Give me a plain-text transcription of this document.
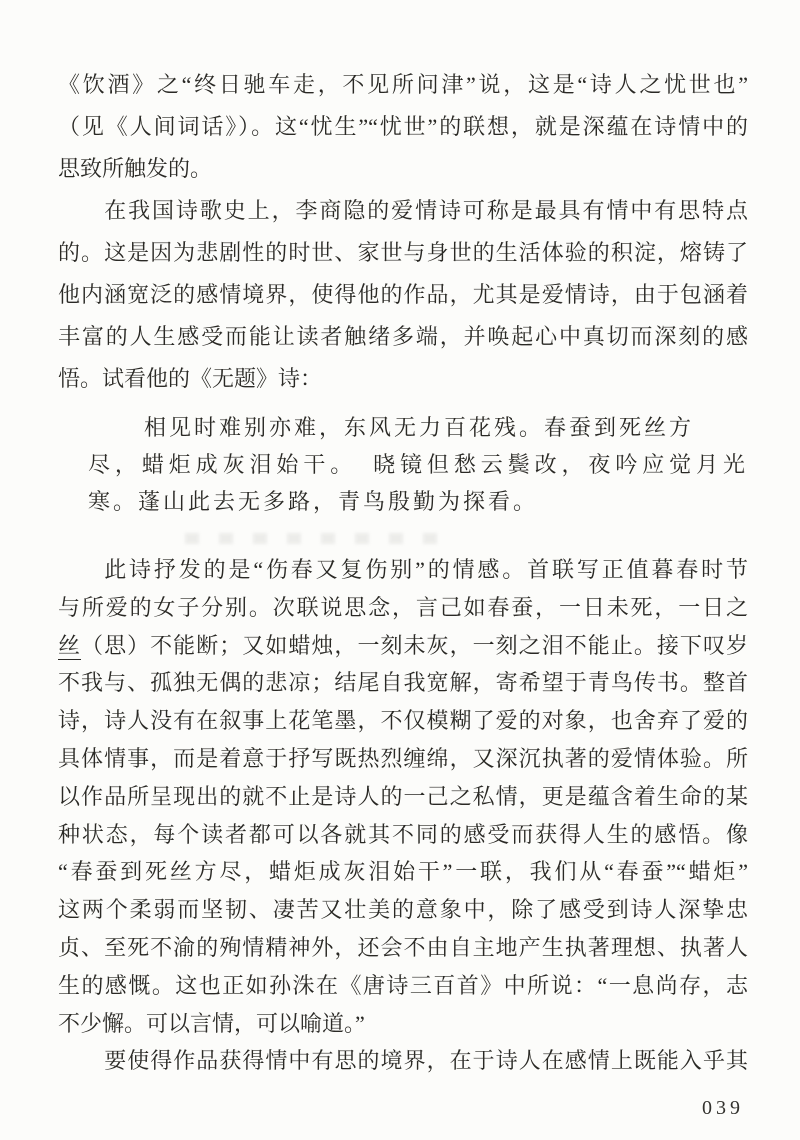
《饮酒》之“终日驰车走，不见所问津”说，这是“诗人之忧世也”
（见《人间词话》）。这“忧生”“忧世”的联想，就是深蕴在诗情中的
思致所触发的。
在我国诗歌史上，李商隐的爱情诗可称是最具有情中有思特点
的。这是因为悲剧性的时世、家世与身世的生活体验的积淀，熔铸了
他内涵宽泛的感情境界，使得他的作品，尤其是爱情诗，由于包涵着
丰富的人生感受而能让读者触绪多端，并唤起心中真切而深刻的感
悟。试看他的《无题》诗：
相见时难别亦难，东风无力百花残。春蚕到死丝方
尽，蜡炬成灰泪始干。　晓镜但愁云鬓改，夜吟应觉月光
寒。蓬山此去无多路，青鸟殷勤为探看。
此诗抒发的是“伤春又复伤别”的情感。首联写正值暮春时节
与所爱的女子分别。次联说思念，言己如春蚕，一日未死，一日之
丝（思）不能断；又如蜡烛，一刻未灰，一刻之泪不能止。接下叹岁
不我与、孤独无偶的悲凉；结尾自我宽解，寄希望于青鸟传书。整首
诗，诗人没有在叙事上花笔墨，不仅模糊了爱的对象，也舍弃了爱的
具体情事，而是着意于抒写既热烈缠绵，又深沉执著的爱情体验。所
以作品所呈现出的就不止是诗人的一己之私情，更是蕴含着生命的某
种状态，每个读者都可以各就其不同的感受而获得人生的感悟。像
“春蚕到死丝方尽，蜡炬成灰泪始干”一联，我们从“春蚕”“蜡炬”
这两个柔弱而坚韧、凄苦又壮美的意象中，除了感受到诗人深挚忠
贞、至死不渝的殉情精神外，还会不由自主地产生执著理想、执著人
生的感慨。这也正如孙洙在《唐诗三百首》中所说：“一息尚存，志
不少懈。可以言情，可以喻道。”
要使得作品获得情中有思的境界，在于诗人在感情上既能入乎其
039
